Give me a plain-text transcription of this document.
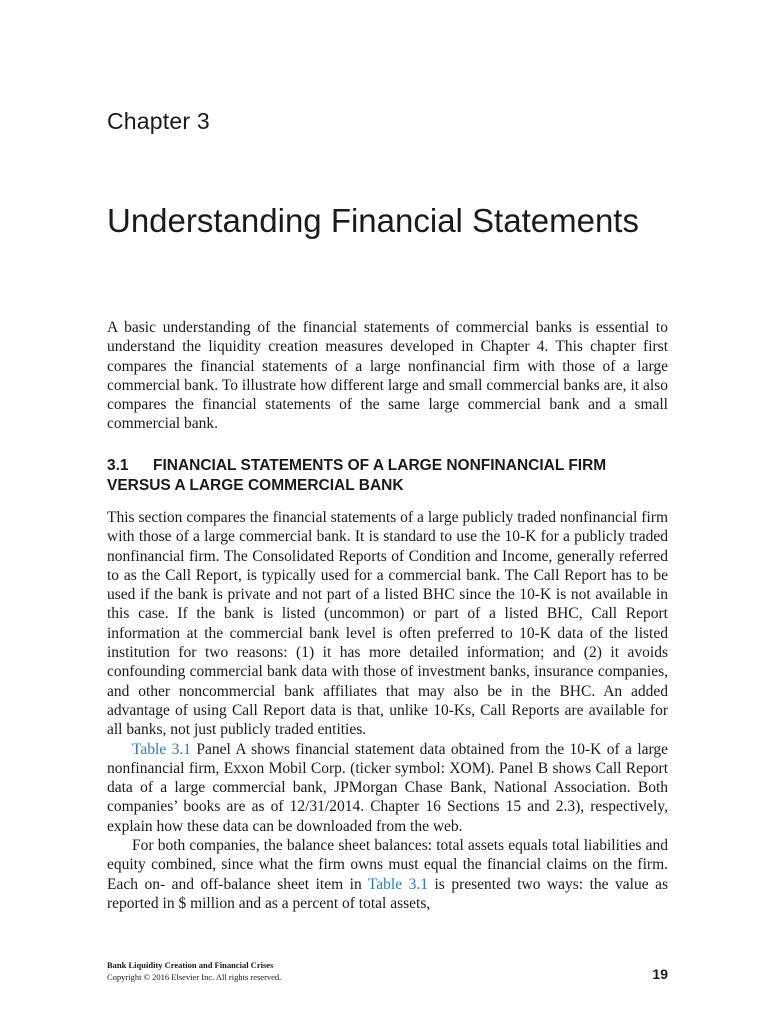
Chapter 3
Understanding Financial Statements

A basic understanding of the financial statements of commercial banks is essential to understand the liquidity creation measures developed in Chapter 4. This chapter first compares the financial statements of a large nonfinancial firm with those of a large commercial bank. To illustrate how different large and small commercial banks are, it also compares the financial statements of the same large commercial bank and a small commercial bank.

3.1 FINANCIAL STATEMENTS OF A LARGE NONFINANCIAL FIRM VERSUS A LARGE COMMERCIAL BANK

This section compares the financial statements of a large publicly traded nonfinancial firm with those of a large commercial bank. It is standard to use the 10-K for a publicly traded nonfinancial firm. The Consolidated Reports of Condition and Income, generally referred to as the Call Report, is typically used for a commercial bank. The Call Report has to be used if the bank is private and not part of a listed BHC since the 10-K is not available in this case. If the bank is listed (uncommon) or part of a listed BHC, Call Report information at the commercial bank level is often preferred to 10-K data of the listed institution for two reasons: (1) it has more detailed information; and (2) it avoids confounding commercial bank data with those of investment banks, insurance companies, and other noncommercial bank affiliates that may also be in the BHC. An added advantage of using Call Report data is that, unlike 10-Ks, Call Reports are available for all banks, not just publicly traded entities.

Table 3.1 Panel A shows financial statement data obtained from the 10-K of a large nonfinancial firm, Exxon Mobil Corp. (ticker symbol: XOM). Panel B shows Call Report data of a large commercial bank, JPMorgan Chase Bank, National Association. Both companies’ books are as of 12/31/2014. Chapter 16 Sections 15 and 2.3), respectively, explain how these data can be downloaded from the web.

For both companies, the balance sheet balances: total assets equals total liabilities and equity combined, since what the firm owns must equal the financial claims on the firm. Each on- and off-balance sheet item in Table 3.1 is presented two ways: the value as reported in $ million and as a percent of total assets,

Bank Liquidity Creation and Financial Crises
Copyright © 2016 Elsevier Inc. All rights reserved.	19
